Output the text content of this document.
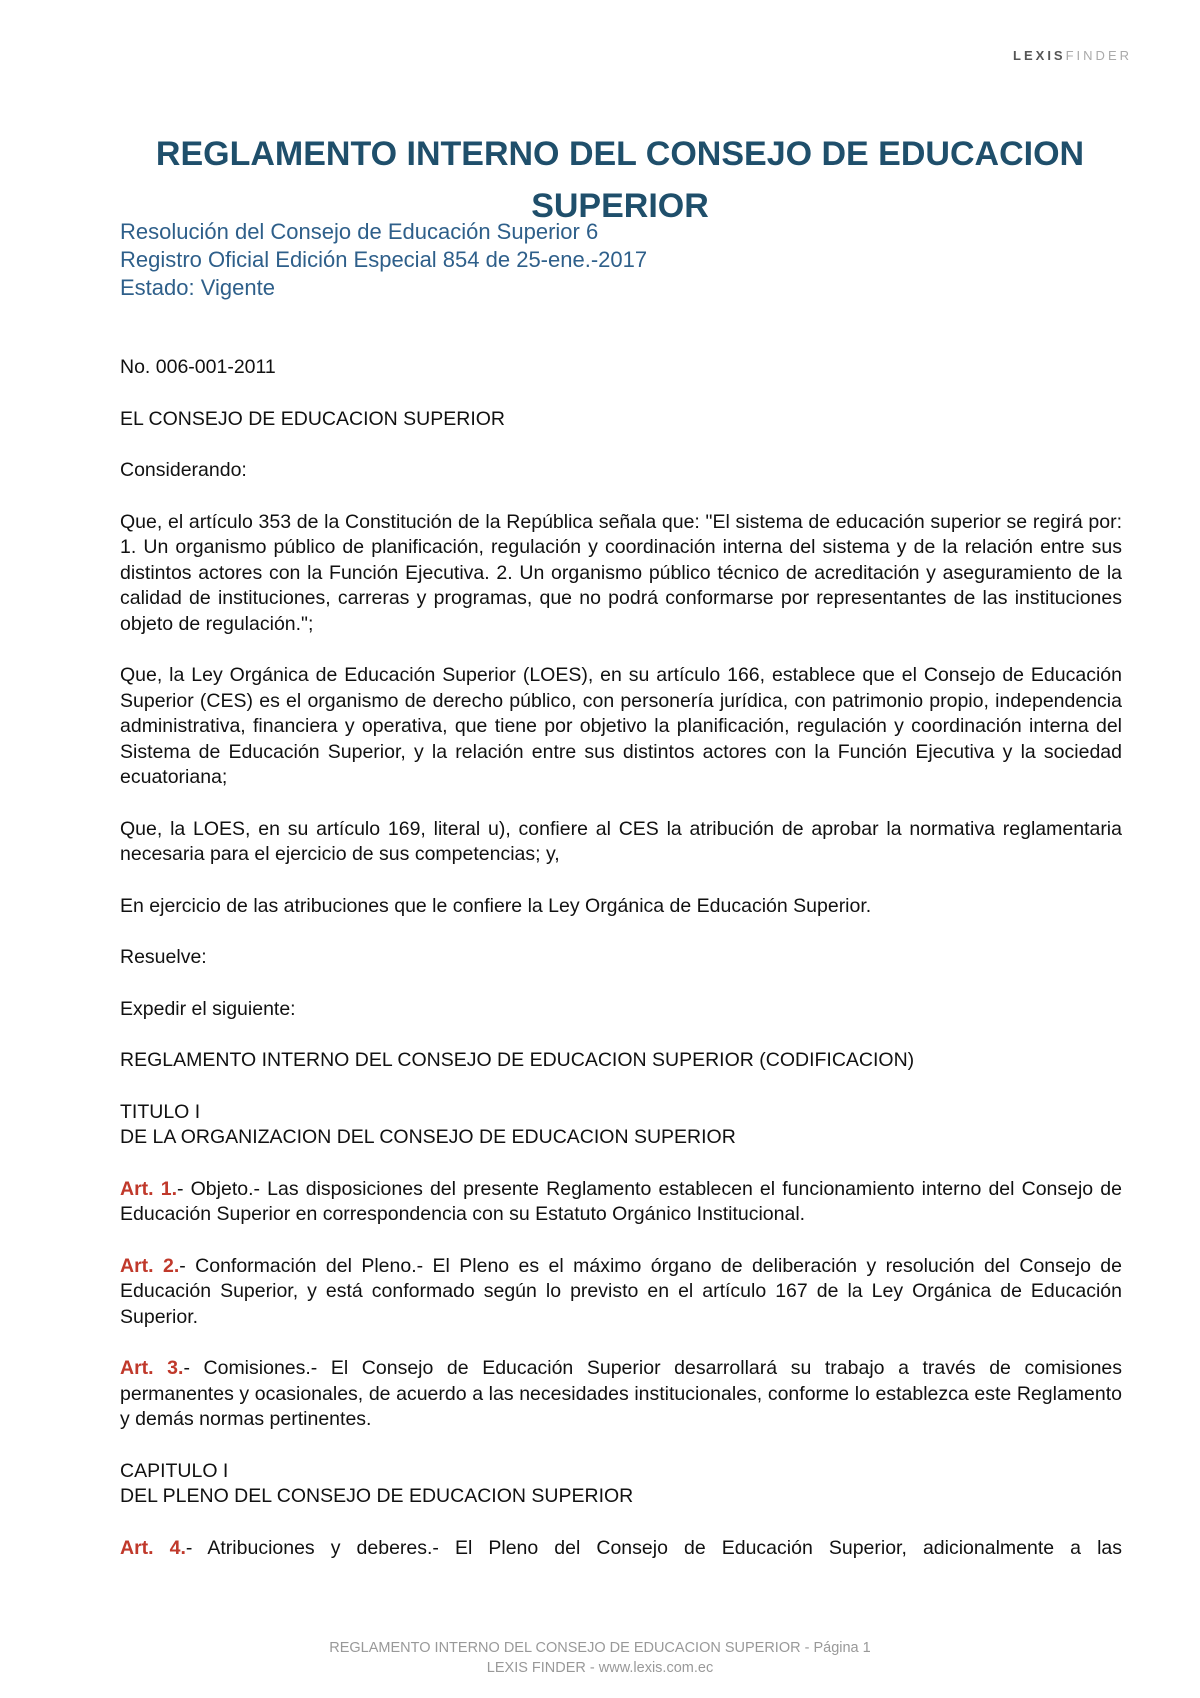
LEXISFINDER
REGLAMENTO INTERNO DEL CONSEJO DE EDUCACION SUPERIOR
Resolución del Consejo de Educación Superior 6
Registro Oficial Edición Especial 854 de 25-ene.-2017
Estado: Vigente

No. 006-001-2011

EL CONSEJO DE EDUCACION SUPERIOR

Considerando:

Que, el artículo 353 de la Constitución de la República señala que: "El sistema de educación superior se regirá por: 1. Un organismo público de planificación, regulación y coordinación interna del sistema y de la relación entre sus distintos actores con la Función Ejecutiva. 2. Un organismo público técnico de acreditación y aseguramiento de la calidad de instituciones, carreras y programas, que no podrá conformarse por representantes de las instituciones objeto de regulación.";

Que, la Ley Orgánica de Educación Superior (LOES), en su artículo 166, establece que el Consejo de Educación Superior (CES) es el organismo de derecho público, con personería jurídica, con patrimonio propio, independencia administrativa, financiera y operativa, que tiene por objetivo la planificación, regulación y coordinación interna del Sistema de Educación Superior, y la relación entre sus distintos actores con la Función Ejecutiva y la sociedad ecuatoriana;

Que, la LOES, en su artículo 169, literal u), confiere al CES la atribución de aprobar la normativa reglamentaria necesaria para el ejercicio de sus competencias; y,

En ejercicio de las atribuciones que le confiere la Ley Orgánica de Educación Superior.

Resuelve:

Expedir el siguiente:

REGLAMENTO INTERNO DEL CONSEJO DE EDUCACION SUPERIOR (CODIFICACION)

TITULO I
DE LA ORGANIZACION DEL CONSEJO DE EDUCACION SUPERIOR

Art. 1.- Objeto.- Las disposiciones del presente Reglamento establecen el funcionamiento interno del Consejo de Educación Superior en correspondencia con su Estatuto Orgánico Institucional.

Art. 2.- Conformación del Pleno.- El Pleno es el máximo órgano de deliberación y resolución del Consejo de Educación Superior, y está conformado según lo previsto en el artículo 167 de la Ley Orgánica de Educación Superior.

Art. 3.- Comisiones.- El Consejo de Educación Superior desarrollará su trabajo a través de comisiones permanentes y ocasionales, de acuerdo a las necesidades institucionales, conforme lo establezca este Reglamento y demás normas pertinentes.

CAPITULO I
DEL PLENO DEL CONSEJO DE EDUCACION SUPERIOR

Art. 4.- Atribuciones y deberes.- El Pleno del Consejo de Educación Superior, adicionalmente a las

REGLAMENTO INTERNO DEL CONSEJO DE EDUCACION SUPERIOR - Página 1
LEXIS FINDER - www.lexis.com.ec
